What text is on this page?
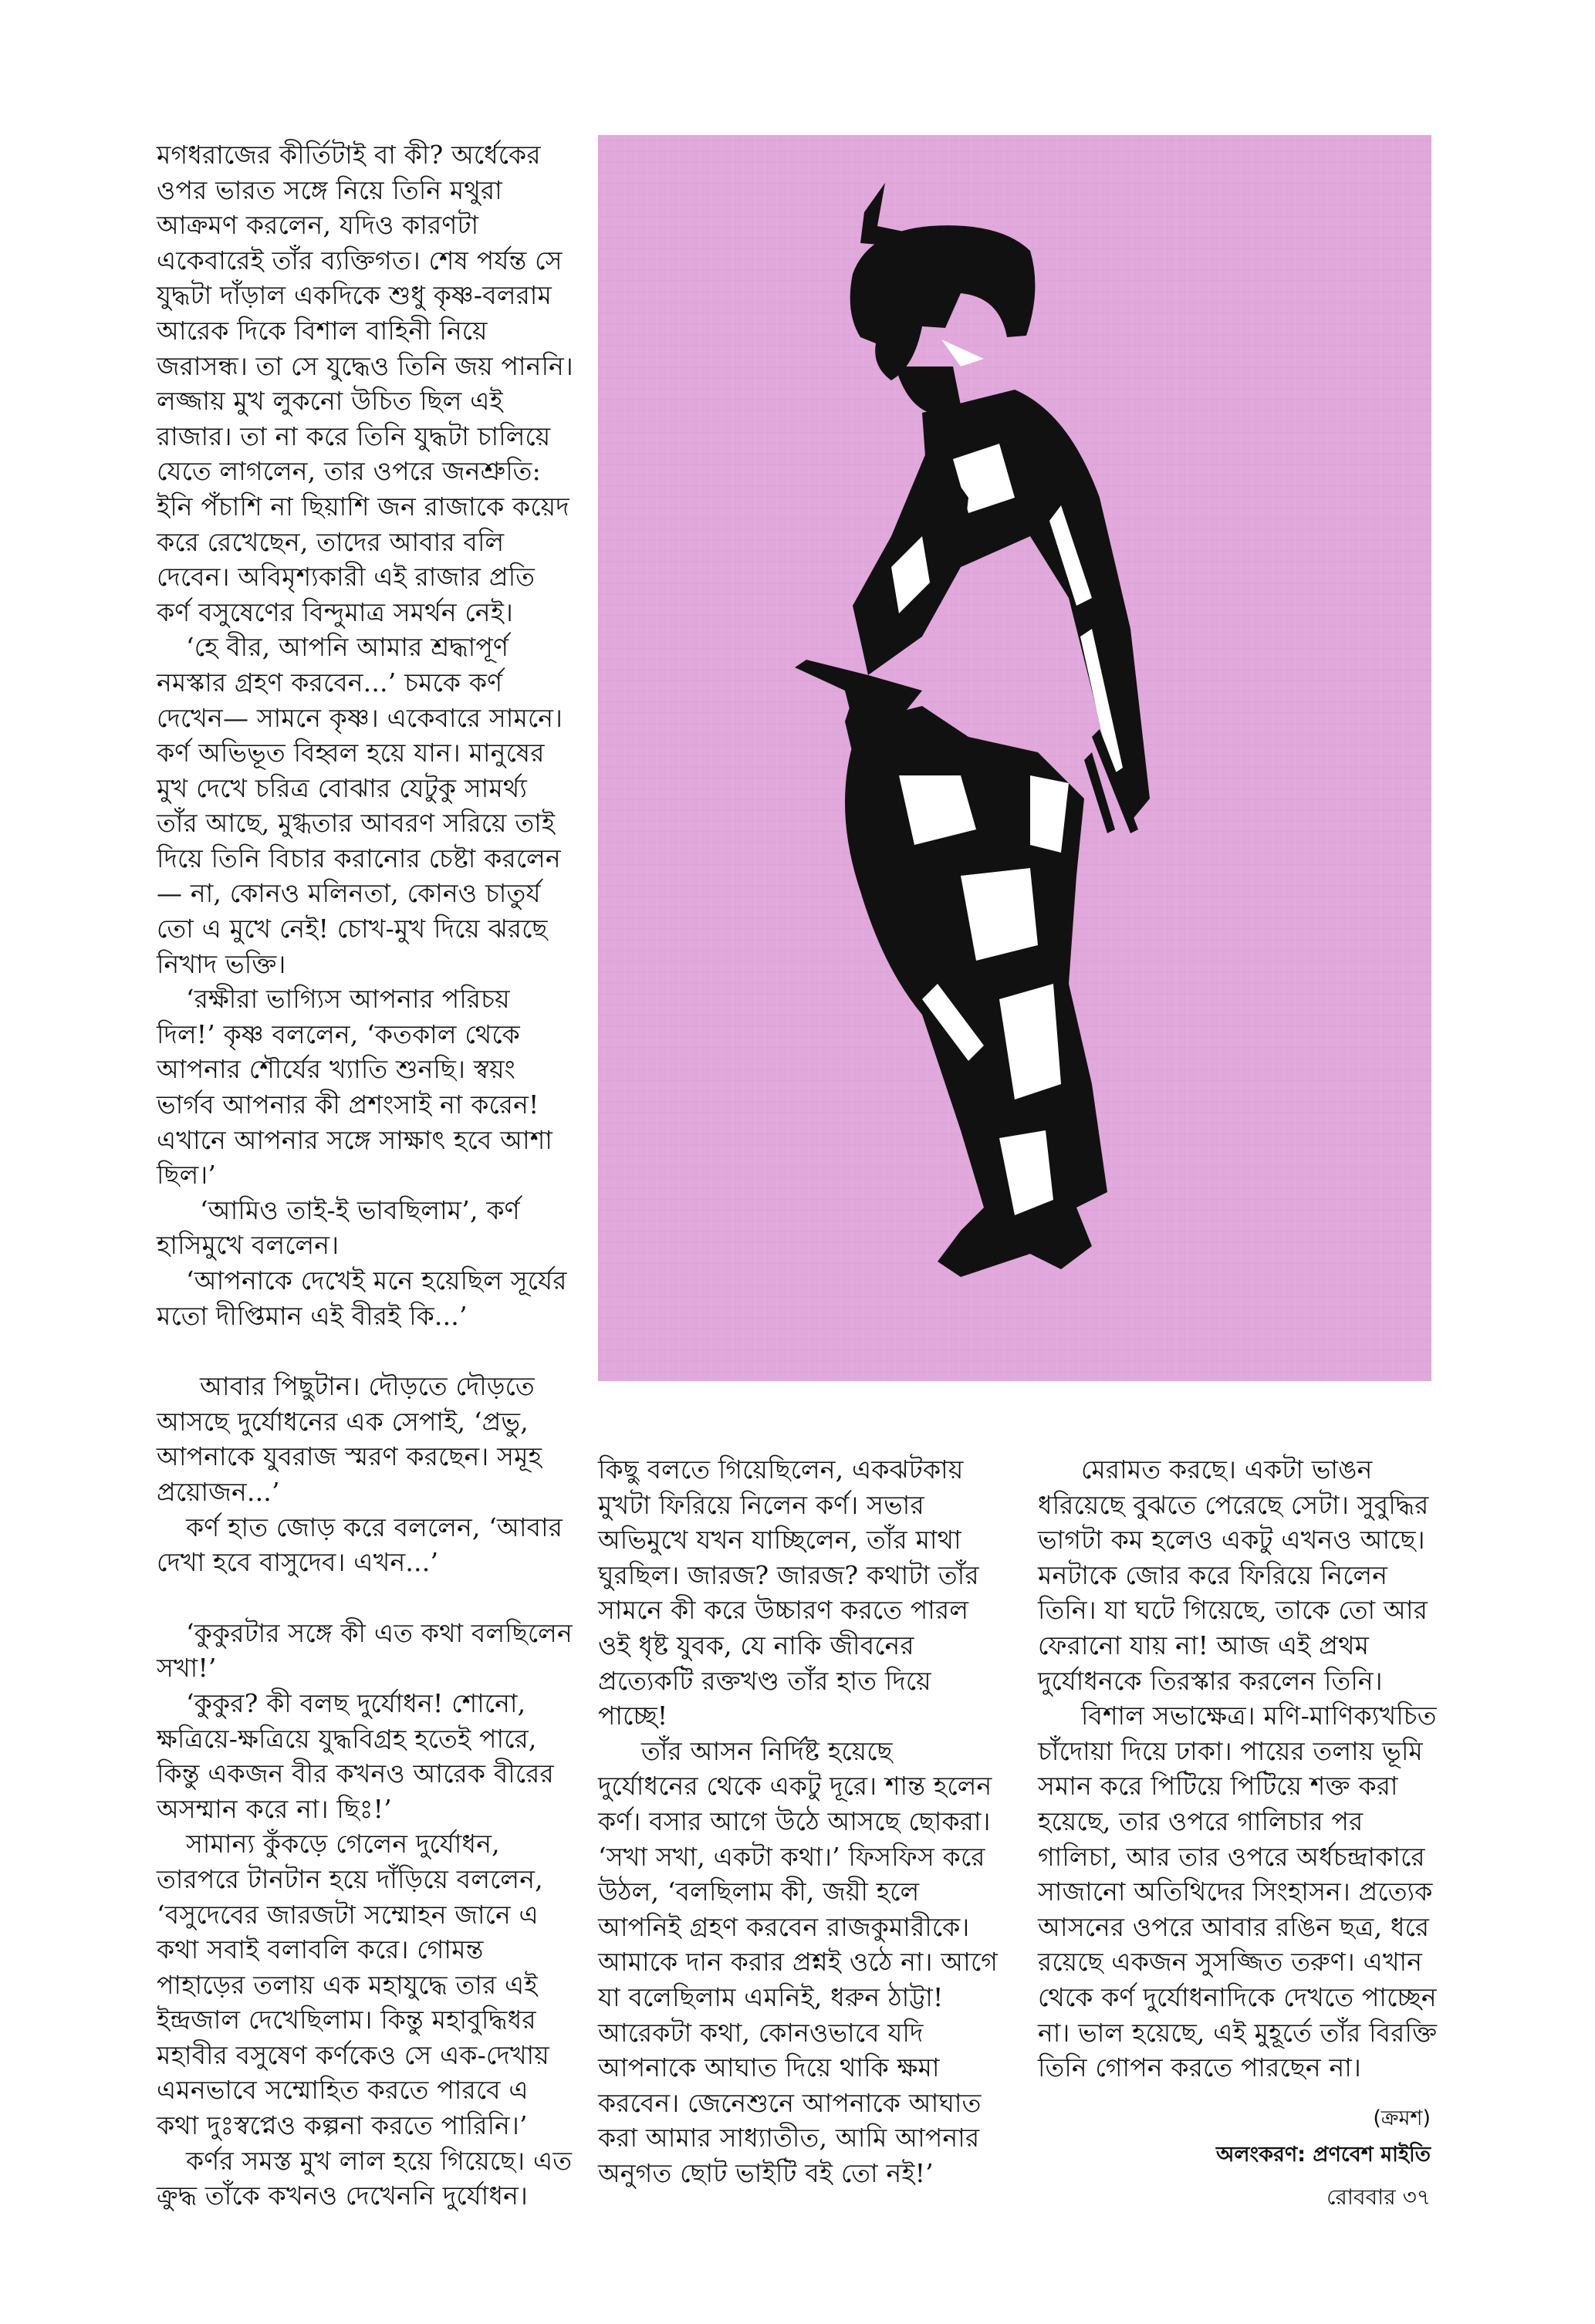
মগধরাজের কীর্তিটাই বা কী? অর্ধেকের ওপর ভারত সঙ্গে নিয়ে তিনি মথুরা আক্রমণ করলেন, যদিও কারণটা একেবারেই তাঁর ব্যক্তিগত। শেষ পর্যন্ত সে যুদ্ধটা দাঁড়াল একদিকে শুধু কৃষ্ণ-বলরাম আরেক দিকে বিশাল বাহিনী নিয়ে জরাসন্ধ। তা সে যুদ্ধেও তিনি জয় পাননি। লজ্জায় মুখ লুকনো উচিত ছিল এই রাজার। তা না করে তিনি যুদ্ধটা চালিয়ে যেতে লাগলেন, তার ওপরে জনশ্রুতি: ইনি পঁচাশি না ছিয়াশি জন রাজাকে কয়েদ করে রেখেছেন, তাদের আবার বলি দেবেন। অবিমৃশ্যকারী এই রাজার প্রতি কর্ণ বসুষেণের বিন্দুমাত্র সমর্থন নেই।

‘হে বীর, আপনি আমার শ্রদ্ধাপূর্ণ নমস্কার গ্রহণ করবেন...’ চমকে কর্ণ দেখেন— সামনে কৃষ্ণ। একেবারে সামনে। কর্ণ অভিভূত বিহ্বল হয়ে যান। মানুষের মুখ দেখে চরিত্র বোঝার যেটুকু সামর্থ্য তাঁর আছে, মুগ্ধতার আবরণ সরিয়ে তাই দিয়ে তিনি বিচার করানোর চেষ্টা করলেন— না, কোনও মলিনতা, কোনও চাতুর্য তো এ মুখে নেই! চোখ-মুখ দিয়ে ঝরছে নিখাদ ভক্তি।

‘রক্ষীরা ভাগ্যিস আপনার পরিচয় দিল!’ কৃষ্ণ বললেন, ‘কতকাল থেকে আপনার শৌর্যের খ্যাতি শুনছি। স্বয়ং ভার্গব আপনার কী প্রশংসাই না করেন! এখানে আপনার সঙ্গে সাক্ষাৎ হবে আশা ছিল।’

‘আমিও তাই-ই ভাবছিলাম’, কর্ণ হাসিমুখে বললেন।

‘আপনাকে দেখেই মনে হয়েছিল সূর্যের মতো দীপ্তিমান এই বীরই কি...’

আবার পিছুটান। দৌড়তে দৌড়তে আসছে দুর্যোধনের এক সেপাই, ‘প্রভু, আপনাকে যুবরাজ স্মরণ করছেন। সমূহ প্রয়োজন...’

কর্ণ হাত জোড় করে বললেন, ‘আবার দেখা হবে বাসুদেব। এখন...’

‘কুকুরটার সঙ্গে কী এত কথা বলছিলেন সখা!’

‘কুকুর? কী বলছ দুর্যোধন! শোনো, ক্ষত্রিয়ে-ক্ষত্রিয়ে যুদ্ধবিগ্রহ হতেই পারে, কিন্তু একজন বীর কখনও আরেক বীরের অসম্মান করে না। ছিঃ!’

সামান্য কুঁকড়ে গেলেন দুর্যোধন, তারপরে টানটান হয়ে দাঁড়িয়ে বললেন, ‘বসুদেবের জারজটা সম্মোহন জানে এ কথা সবাই বলাবলি করে। গোমন্ত পাহাড়ের তলায় এক মহাযুদ্ধে তার এই ইন্দ্রজাল দেখেছিলাম। কিন্তু মহাবুদ্ধিধর মহাবীর বসুষেণ কর্ণকেও সে এক-দেখায় এমনভাবে সম্মোহিত করতে পারবে এ কথা দুঃস্বপ্নেও কল্পনা করতে পারিনি।’

কর্ণর সমস্ত মুখ লাল হয়ে গিয়েছে। এত ক্রুদ্ধ তাঁকে কখনও দেখেননি দুর্যোধন।

কিছু বলতে গিয়েছিলেন, একঝটকায় মুখটা ফিরিয়ে নিলেন কর্ণ। সভার অভিমুখে যখন যাচ্ছিলেন, তাঁর মাথা ঘুরছিল। জারজ? জারজ? কথাটা তাঁর সামনে কী করে উচ্চারণ করতে পারল ওই ধৃষ্ট যুবক, যে নাকি জীবনের প্রত্যেকটি রক্তখণ্ড তাঁর হাত দিয়ে পাচ্ছে!

তাঁর আসন নির্দিষ্ট হয়েছে দুর্যোধনের থেকে একটু দূরে। শান্ত হলেন কর্ণ। বসার আগে উঠে আসছে ছোকরা। ‘সখা সখা, একটা কথা।’ ফিসফিস করে উঠল, ‘বলছিলাম কী, জয়ী হলে আপনিই গ্রহণ করবেন রাজকুমারীকে। আমাকে দান করার প্রশ্নই ওঠে না। আগে যা বলেছিলাম এমনিই, ধরুন ঠাট্টা! আরেকটা কথা, কোনওভাবে যদি আপনাকে আঘাত দিয়ে থাকি ক্ষমা করবেন। জেনেশুনে আপনাকে আঘাত করা আমার সাধ্যাতীত, আমি আপনার অনুগত ছোট ভাইটি বই তো নই!’

মেরামত করছে। একটা ভাঙন ধরিয়েছে বুঝতে পেরেছে সেটা। সুবুদ্ধির ভাগটা কম হলেও একটু এখনও আছে। মনটাকে জোর করে ফিরিয়ে নিলেন তিনি। যা ঘটে গিয়েছে, তাকে তো আর ফেরানো যায় না! আজ এই প্রথম দুর্যোধনকে তিরস্কার করলেন তিনি।

বিশাল সভাক্ষেত্র। মণি-মাণিক্যখচিত চাঁদোয়া দিয়ে ঢাকা। পায়ের তলায় ভূমি সমান করে পিটিয়ে পিটিয়ে শক্ত করা হয়েছে, তার ওপরে গালিচার পর গালিচা, আর তার ওপরে অর্ধচন্দ্রাকারে সাজানো অতিথিদের সিংহাসন। প্রত্যেক আসনের ওপরে আবার রঙিন ছত্র, ধরে রয়েছে একজন সুসজ্জিত তরুণ। এখান থেকে কর্ণ দুর্যোধনাদিকে দেখতে পাচ্ছেন না। ভাল হয়েছে, এই মুহূর্তে তাঁর বিরক্তি তিনি গোপন করতে পারছেন না।

(ক্রমশ)
অলংকরণ: প্রণবেশ মাইতি
রোববার ৩৭
